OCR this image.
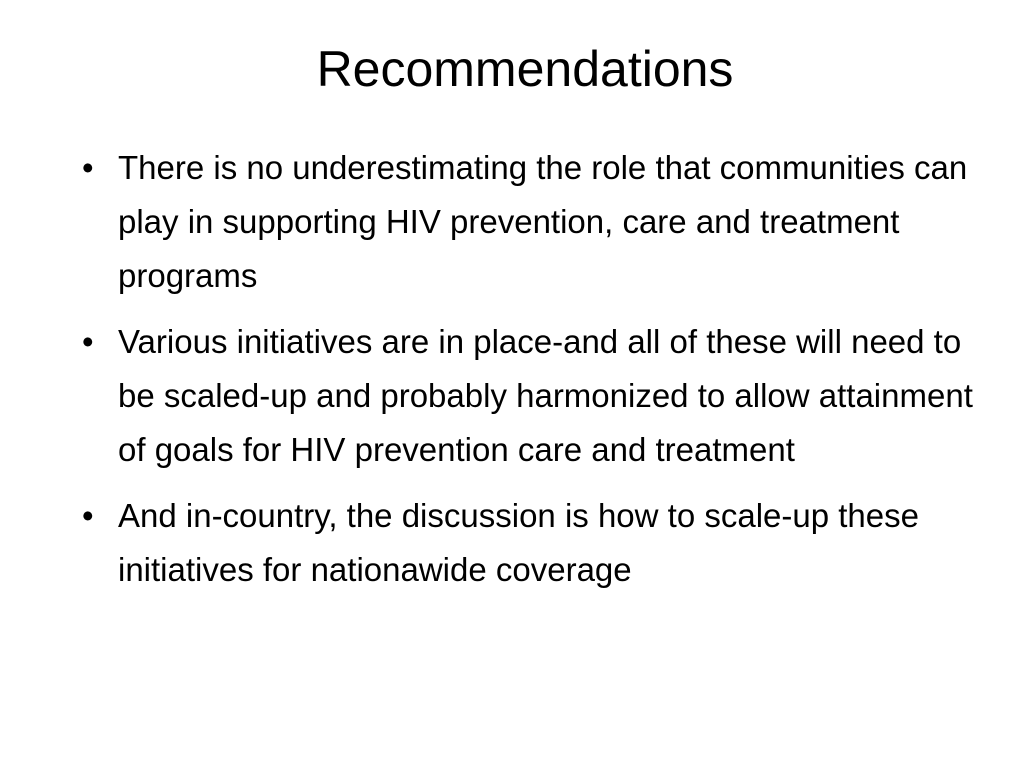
Recommendations
• There is no underestimating the role that communities can play in supporting HIV prevention, care and treatment programs
• Various initiatives are in place-and all of these will need to be scaled-up and probably harmonized to allow attainment of goals for HIV prevention care and treatment
• And in-country, the discussion is how to scale-up these initiatives for nationawide coverage
